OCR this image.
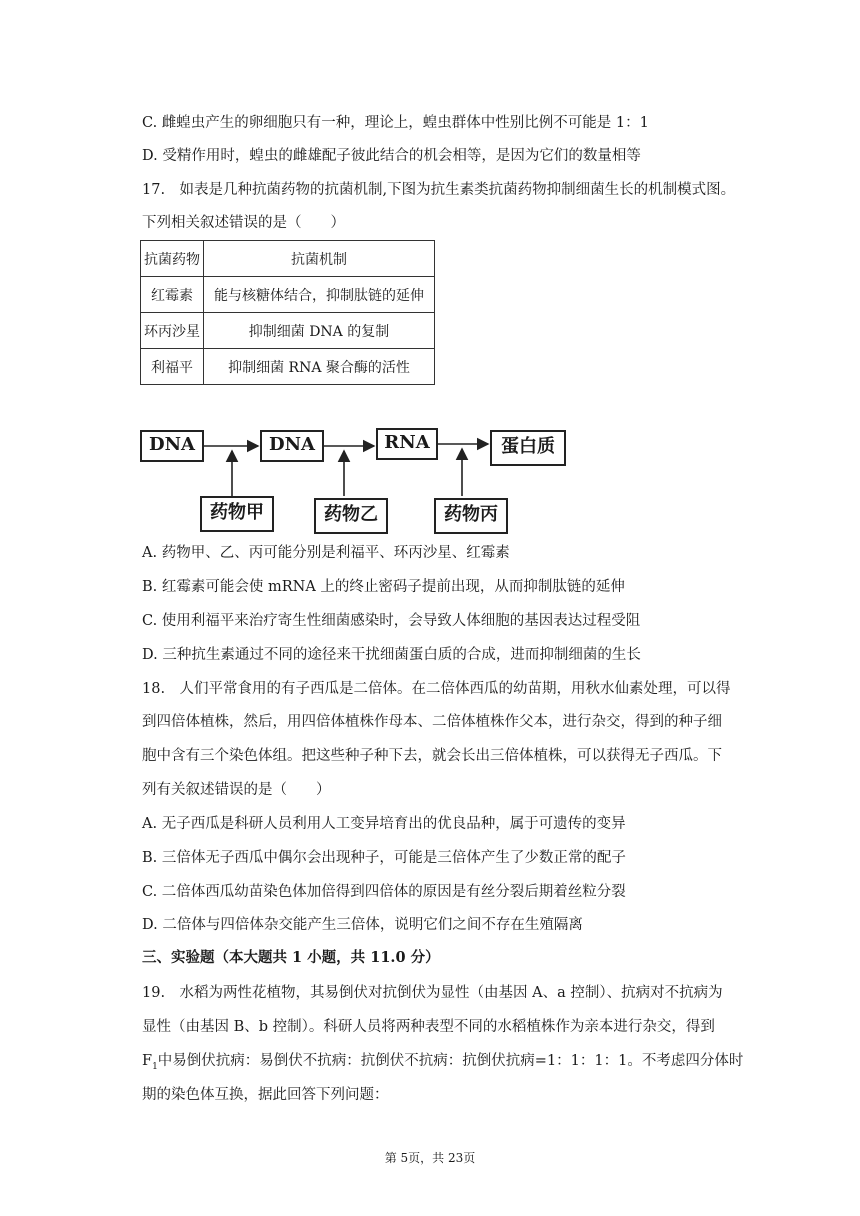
C. 雌蝗虫产生的卵细胞只有一种，理论上，蝗虫群体中性别比例不可能是 1：1
D. 受精作用时，蝗虫的雌雄配子彼此结合的机会相等，是因为它们的数量相等
17.　如表是几种抗菌药物的抗菌机制,下图为抗生素类抗菌药物抑制细菌生长的机制模式图。
下列相关叙述错误的是（　　）
抗菌药物	抗菌机制
红霉素	能与核糖体结合，抑制肽链的延伸
环丙沙星	抑制细菌 DNA 的复制
利福平	抑制细菌 RNA 聚合酶的活性
DNA	DNA	RNA	蛋白质
药物甲	药物乙	药物丙
A. 药物甲、乙、丙可能分别是利福平、环丙沙星、红霉素
B. 红霉素可能会使 mRNA 上的终止密码子提前出现，从而抑制肽链的延伸
C. 使用利福平来治疗寄生性细菌感染时，会导致人体细胞的基因表达过程受阻
D. 三种抗生素通过不同的途径来干扰细菌蛋白质的合成，进而抑制细菌的生长
18.　人们平常食用的有子西瓜是二倍体。在二倍体西瓜的幼苗期，用秋水仙素处理，可以得
到四倍体植株，然后，用四倍体植株作母本、二倍体植株作父本，进行杂交，得到的种子细
胞中含有三个染色体组。把这些种子种下去，就会长出三倍体植株，可以获得无子西瓜。下
列有关叙述错误的是（　　）
A. 无子西瓜是科研人员利用人工变异培育出的优良品种，属于可遗传的变异
B. 三倍体无子西瓜中偶尔会出现种子，可能是三倍体产生了少数正常的配子
C. 二倍体西瓜幼苗染色体加倍得到四倍体的原因是有丝分裂后期着丝粒分裂
D. 二倍体与四倍体杂交能产生三倍体，说明它们之间不存在生殖隔离
三、实验题（本大题共 1 小题，共 11.0 分）
19.　水稻为两性花植物，其易倒伏对抗倒伏为显性（由基因 A、a 控制）、抗病对不抗病为
显性（由基因 B、b 控制）。科研人员将两种表型不同的水稻植株作为亲本进行杂交，得到
$F_1$中易倒伏抗病：易倒伏不抗病：抗倒伏不抗病：抗倒伏抗病=1：1：1：1。不考虑四分体时
期的染色体互换，据此回答下列问题：
第 5页，共 23页
